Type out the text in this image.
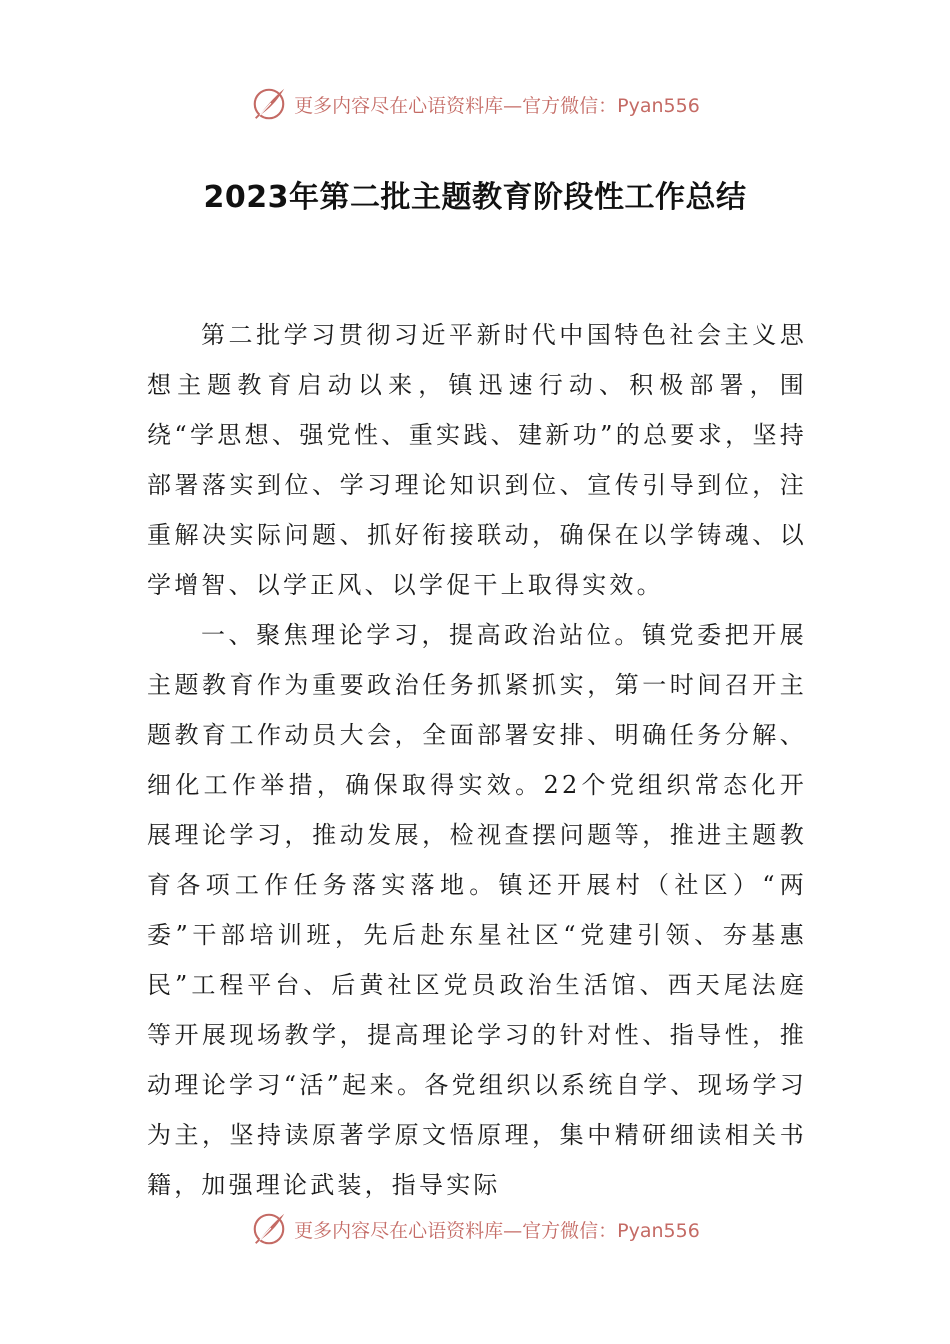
更多内容尽在心语资料库—官方微信：Pyan556
2023年第二批主题教育阶段性工作总结

第二批学习贯彻习近平新时代中国特色社会主义思想主题教育启动以来，镇迅速行动、积极部署，围绕“学思想、强党性、重实践、建新功”的总要求，坚持部署落实到位、学习理论知识到位、宣传引导到位，注重解决实际问题、抓好衔接联动，确保在以学铸魂、以学增智、以学正风、以学促干上取得实效。

一、聚焦理论学习，提高政治站位。镇党委把开展主题教育作为重要政治任务抓紧抓实，第一时间召开主题教育工作动员大会，全面部署安排、明确任务分解、细化工作举措，确保取得实效。22个党组织常态化开展理论学习，推动发展，检视查摆问题等，推进主题教育各项工作任务落实落地。镇还开展村（社区）“两委”干部培训班，先后赴东星社区“党建引领、夯基惠民”工程平台、后黄社区党员政治生活馆、西天尾法庭等开展现场教学，提高理论学习的针对性、指导性，推动理论学习“活”起来。各党组织以系统自学、现场学习为主，坚持读原著学原文悟原理，集中精研细读相关书籍，加强理论武装，指导实际

更多内容尽在心语资料库—官方微信：Pyan556
